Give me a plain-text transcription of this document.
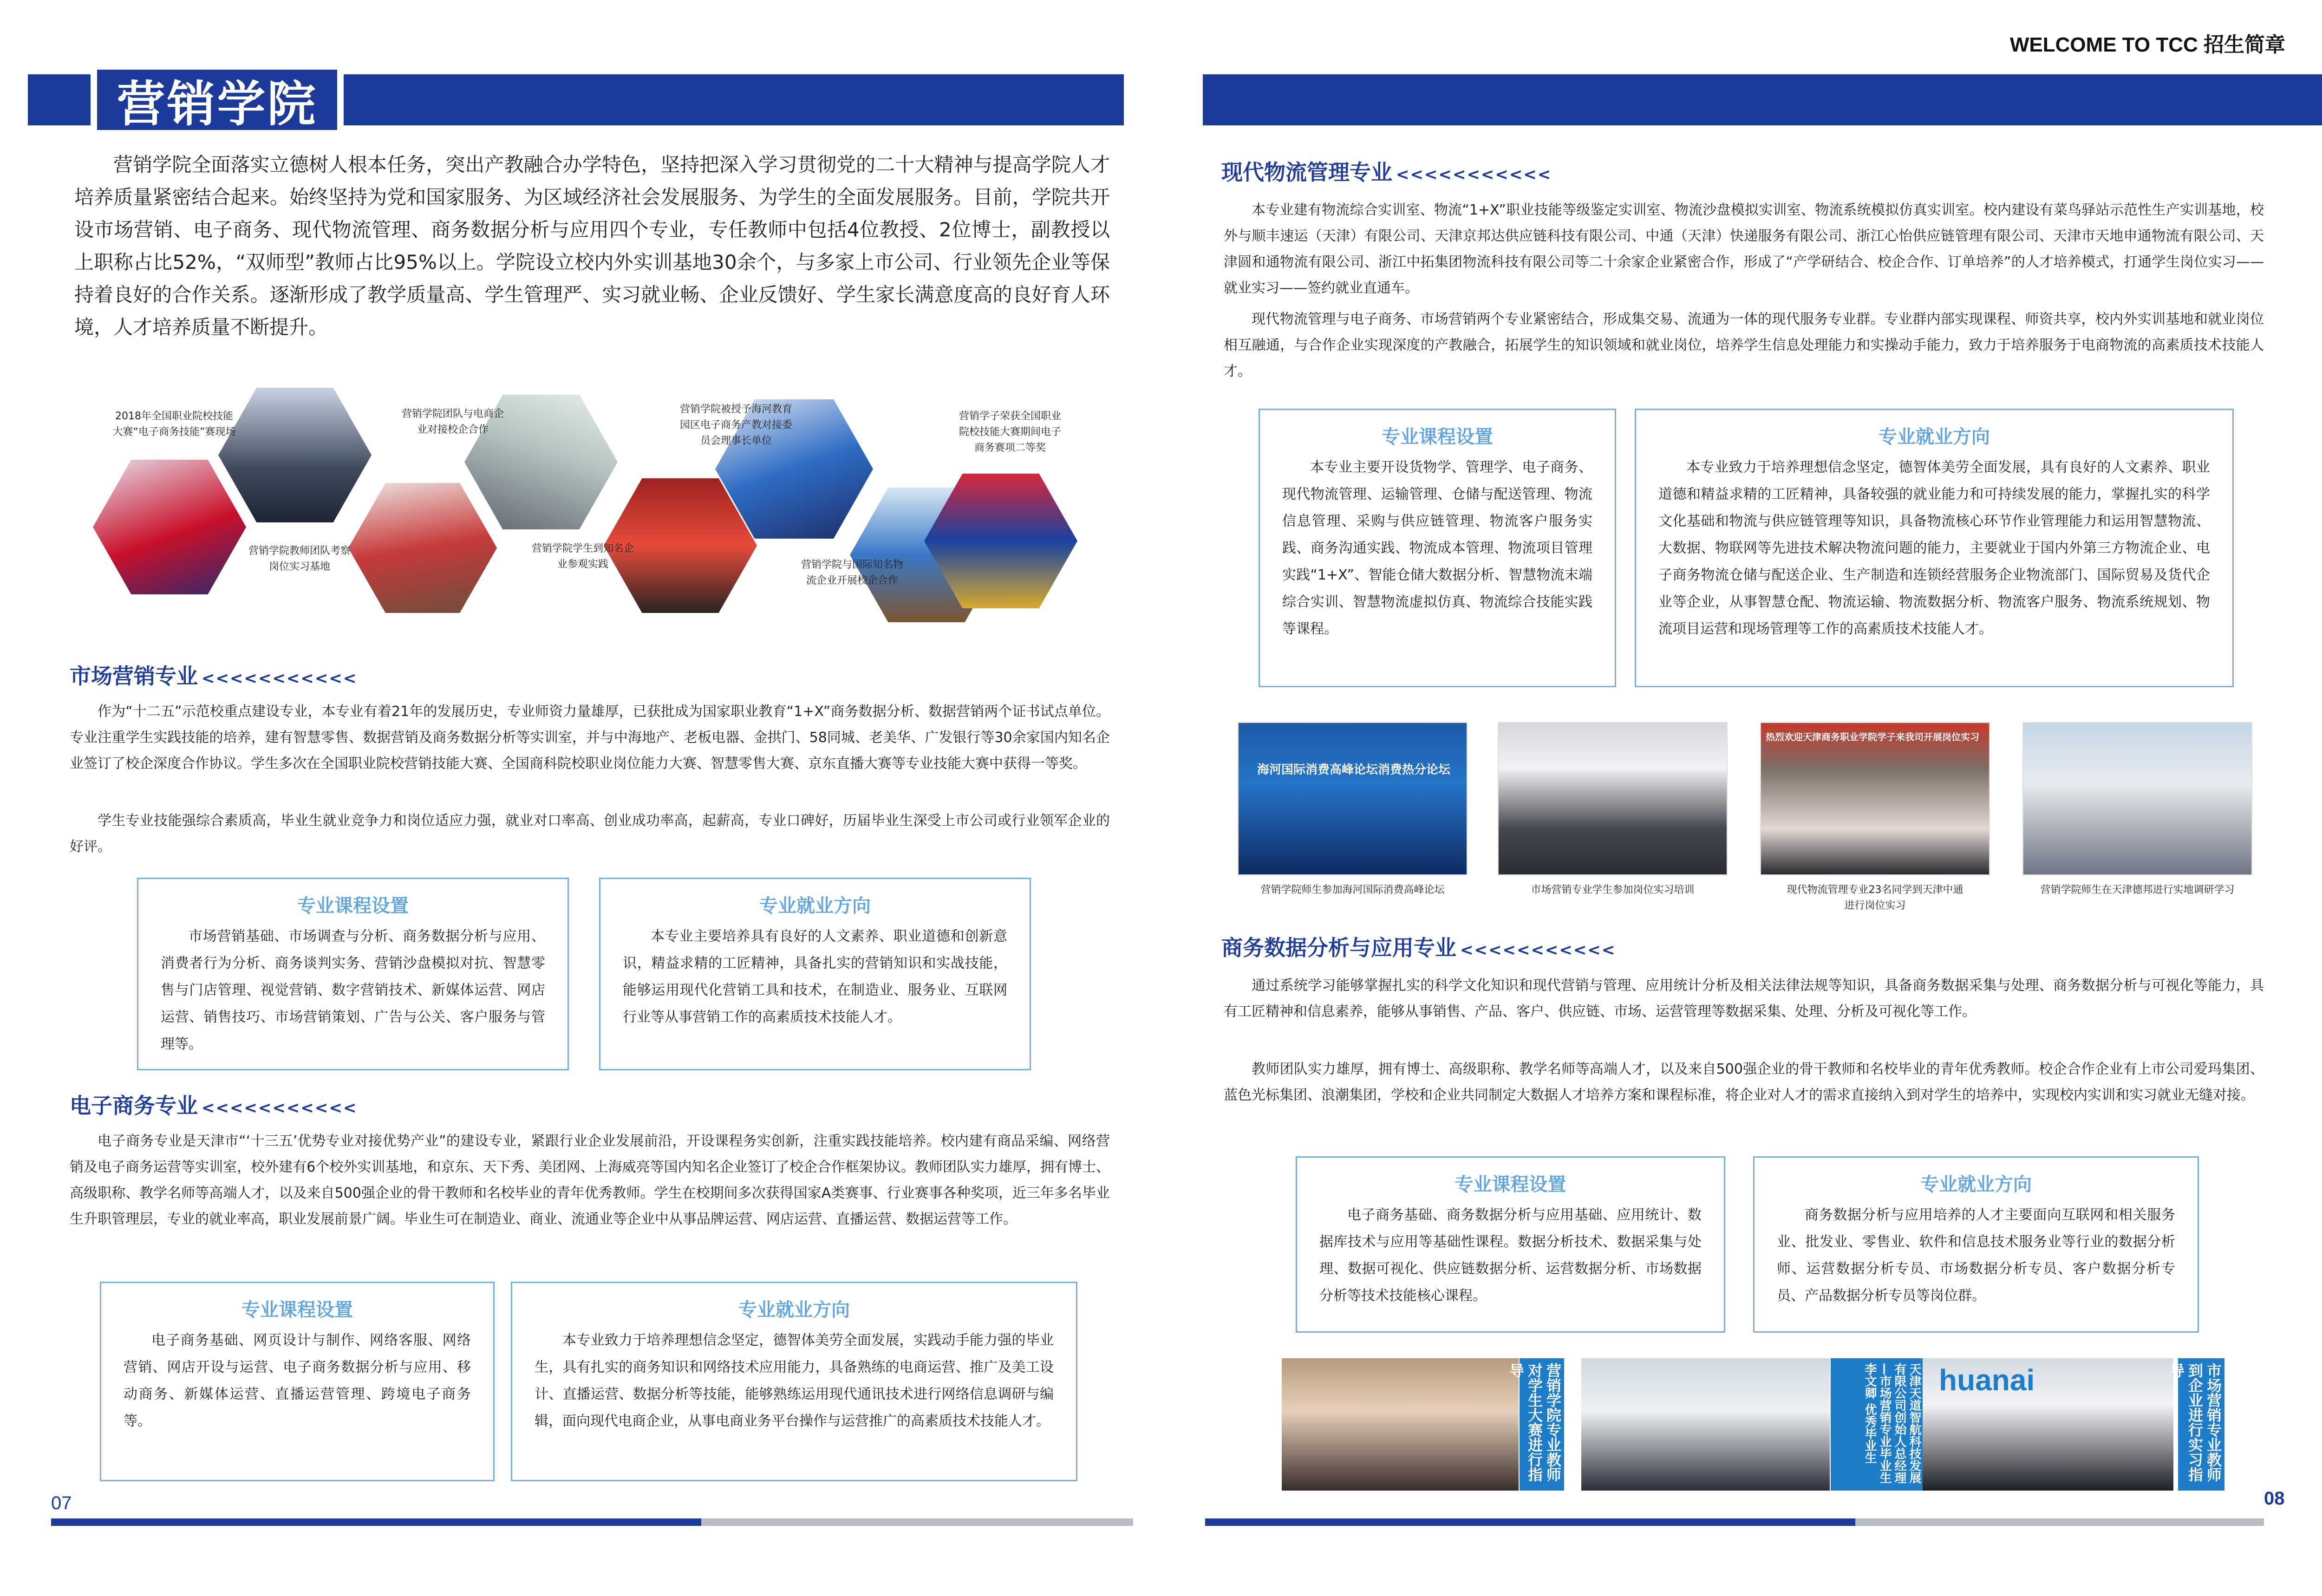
WELCOME TO TCC 招生简章
营销学院
营销学院全面落实立德树人根本任务，突出产教融合办学特色，坚持把深入学习贯彻党的二十大精神与提高学院人才培养质量紧密结合起来。始终坚持为党和国家服务、为区域经济社会发展服务、为学生的全面发展服务。目前，学院共开设市场营销、电子商务、现代物流管理、商务数据分析与应用四个专业，专任教师中包括4位教授、2位博士，副教授以上职称占比52%，“双师型”教师占比95%以上。学院设立校内外实训基地30余个，与多家上市公司、行业领先企业等保持着良好的合作关系。逐渐形成了教学质量高、学生管理严、实习就业畅、企业反馈好、学生家长满意度高的良好育人环境，人才培养质量不断提升。
2018年全国职业院校技能大赛“电子商务技能”赛现场
营销学院教师团队考察岗位实习基地
营销学院团队与电商企业对接校企合作
营销学院学生到知名企业参观实践
营销学院被授予海河教育园区电子商务产教对接委员会理事长单位
营销学院与国际知名物流企业开展校企合作
营销学子荣获全国职业院校技能大赛期间电子商务赛项二等奖
市场营销专业 <<<<<<<<<<<
作为“十二五”示范校重点建设专业，本专业有着21年的发展历史，专业师资力量雄厚，已获批成为国家职业教育“1+X”商务数据分析、数据营销两个证书试点单位。专业注重学生实践技能的培养，建有智慧零售、数据营销及商务数据分析等实训室，并与中海地产、老板电器、金拱门、58同城、老美华、广发银行等30余家国内知名企业签订了校企深度合作协议。学生多次在全国职业院校营销技能大赛、全国商科院校职业岗位能力大赛、智慧零售大赛、京东直播大赛等专业技能大赛中获得一等奖。
学生专业技能强综合素质高，毕业生就业竞争力和岗位适应力强，就业对口率高、创业成功率高，起薪高，专业口碑好，历届毕业生深受上市公司或行业领军企业的好评。
专业课程设置
市场营销基础、市场调查与分析、商务数据分析与应用、消费者行为分析、商务谈判实务、营销沙盘模拟对抗、智慧零售与门店管理、视觉营销、数字营销技术、新媒体运营、网店运营、销售技巧、市场营销策划、广告与公关、客户服务与管理等。
专业就业方向
本专业主要培养具有良好的人文素养、职业道德和创新意识，精益求精的工匠精神，具备扎实的营销知识和实战技能，能够运用现代化营销工具和技术，在制造业、服务业、互联网行业等从事营销工作的高素质技术技能人才。
电子商务专业 <<<<<<<<<<<
电子商务专业是天津市“‘十三五’优势专业对接优势产业”的建设专业，紧跟行业企业发展前沿，开设课程务实创新，注重实践技能培养。校内建有商品采编、网络营销及电子商务运营等实训室，校外建有6个校外实训基地，和京东、天下秀、美团网、上海威亮等国内知名企业签订了校企合作框架协议。教师团队实力雄厚，拥有博士、高级职称、教学名师等高端人才，以及来自500强企业的骨干教师和名校毕业的青年优秀教师。学生在校期间多次获得国家A类赛事、行业赛事各种奖项，近三年多名毕业生升职管理层，专业的就业率高，职业发展前景广阔。毕业生可在制造业、商业、流通业等企业中从事品牌运营、网店运营、直播运营、数据运营等工作。
专业课程设置
电子商务基础、网页设计与制作、网络客服、网络营销、网店开设与运营、电子商务数据分析与应用、移动商务、新媒体运营、直播运营管理、跨境电子商务等。
专业就业方向
本专业致力于培养理想信念坚定，德智体美劳全面发展，实践动手能力强的毕业生，具有扎实的商务知识和网络技术应用能力，具备熟练的电商运营、推广及美工设计、直播运营、数据分析等技能，能够熟练运用现代通讯技术进行网络信息调研与编辑，面向现代电商企业，从事电商业务平台操作与运营推广的高素质技术技能人才。
07
现代物流管理专业 <<<<<<<<<<<
本专业建有物流综合实训室、物流“1+X”职业技能等级鉴定实训室、物流沙盘模拟实训室、物流系统模拟仿真实训室。校内建设有菜鸟驿站示范性生产实训基地，校外与顺丰速运（天津）有限公司、天津京邦达供应链科技有限公司、中通（天津）快递服务有限公司、浙江心怡供应链管理有限公司、天津市天地申通物流有限公司、天津圆和通物流有限公司、浙江中拓集团物流科技有限公司等二十余家企业紧密合作，形成了“产学研结合、校企合作、订单培养”的人才培养模式，打通学生岗位实习——就业实习——签约就业直通车。
现代物流管理与电子商务、市场营销两个专业紧密结合，形成集交易、流通为一体的现代服务专业群。专业群内部实现课程、师资共享，校内外实训基地和就业岗位相互融通，与合作企业实现深度的产教融合，拓展学生的知识领域和就业岗位，培养学生信息处理能力和实操动手能力，致力于培养服务于电商物流的高素质技术技能人才。
专业课程设置
本专业主要开设货物学、管理学、电子商务、现代物流管理、运输管理、仓储与配送管理、物流信息管理、采购与供应链管理、物流客户服务实践、商务沟通实践、物流成本管理、物流项目管理实践“1+X”、智能仓储大数据分析、智慧物流末端综合实训、智慧物流虚拟仿真、物流综合技能实践等课程。
专业就业方向
本专业致力于培养理想信念坚定，德智体美劳全面发展，具有良好的人文素养、职业道德和精益求精的工匠精神，具备较强的就业能力和可持续发展的能力，掌握扎实的科学文化基础和物流与供应链管理等知识，具备物流核心环节作业管理能力和运用智慧物流、大数据、物联网等先进技术解决物流问题的能力，主要就业于国内外第三方物流企业、电子商务物流仓储与配送企业、生产制造和连锁经营服务企业物流部门、国际贸易及货代企业等企业，从事智慧仓配、物流运输、物流数据分析、物流客户服务、物流系统规划、物流项目运营和现场管理等工作的高素质技术技能人才。
海河国际消费高峰论坛消费热分论坛
热烈欢迎天津商务职业学院学子来我司开展岗位实习
营销学院师生参加海河国际消费高峰论坛	市场营销专业学生参加岗位实习培训	现代物流管理专业23名同学到天津中通进行岗位实习
营销学院师生在天津德邦进行实地调研学习
商务数据分析与应用专业 <<<<<<<<<<<
通过系统学习能够掌握扎实的科学文化知识和现代营销与管理、应用统计分析及相关法律法规等知识，具备商务数据采集与处理、商务数据分析与可视化等能力，具有工匠精神和信息素养，能够从事销售、产品、客户、供应链、市场、运营管理等数据采集、处理、分析及可视化等工作。
教师团队实力雄厚，拥有博士、高级职称、教学名师等高端人才，以及来自500强企业的骨干教师和名校毕业的青年优秀教师。校企合作企业有上市公司爱玛集团、蓝色光标集团、浪潮集团，学校和企业共同制定大数据人才培养方案和课程标准，将企业对人才的需求直接纳入到对学生的培养中，实现校内实训和实习就业无缝对接。
专业课程设置
电子商务基础、商务数据分析与应用基础、应用统计、数据库技术与应用等基础性课程。数据分析技术、数据采集与处理、数据可视化、供应链数据分析、运营数据分析、市场数据分析等技术技能核心课程。
专业就业方向
商务数据分析与应用培养的人才主要面向互联网和相关服务业、批发业、零售业、软件和信息技术服务业等行业的数据分析师、运营数据分析专员、市场数据分析专员、客户数据分析专员、产品数据分析专员等岗位群。
营销学院专业教师对学生大赛进行指导	天津天道智航科技发展有限公司创始人总经理—市场营销专业毕业生李文卿 优秀毕业生	huanai	市场营销专业教师到企业进行实习指导
08
